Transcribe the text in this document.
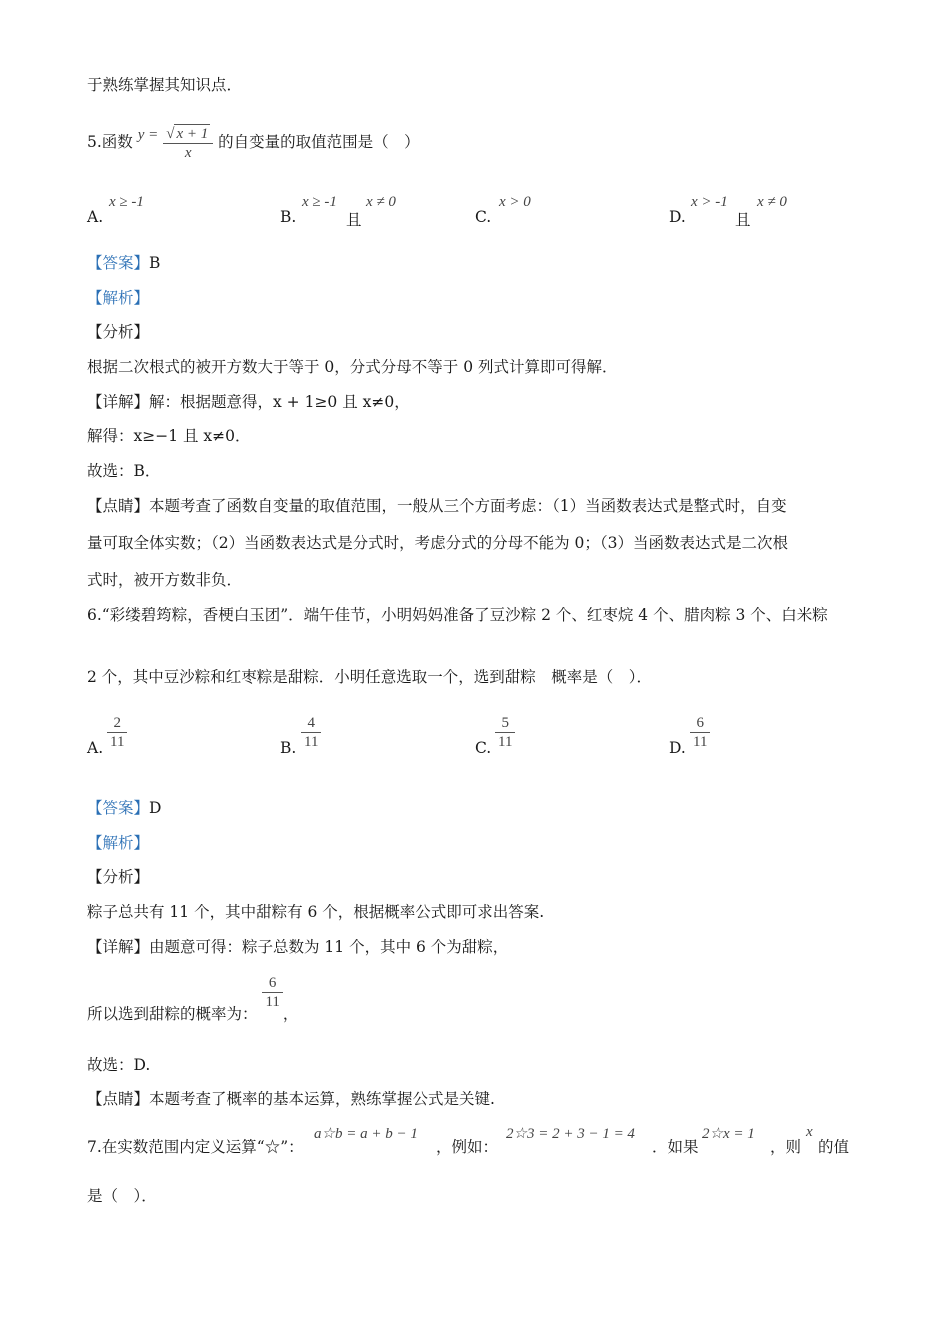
于熟练掌握其知识点．
5.函数 $y = \frac{√ x + 1}{x}$ 的自变量的取值范围是（　）
A.
x ≥ -1
B.
x ≥ -1
且
x ≠ 0
C.
x > 0
D.
x > -1
且
x ≠ 0
【答案】B
【解析】
【分析】
根据二次根式的被开方数大于等于 0，分式分母不等于 0 列式计算即可得解．
【详解】解：根据题意得，x + 1≥0 且 x≠0，
解得：x≥−1 且 x≠0．
故选：B．
【点睛】本题考查了函数自变量的取值范围，一般从三个方面考虑：（1）当函数表达式是整式时，自变
量可取全体实数；（2）当函数表达式是分式时，考虑分式的分母不能为 0；（3）当函数表达式是二次根
式时，被开方数非负．
6.“彩缕碧筠粽，香梗白玉团”．端午佳节，小明妈妈准备了豆沙粽 2 个、红枣烷 4 个、腊肉粽 3 个、白米粽
2 个，其中豆沙粽和红枣粽是甜粽．小明任意选取一个，选到甜粽　概率是（　）．
A.
2
11	B.
4
11	C.
5
11	D.
6
11
【答案】D
【解析】
【分析】
粽子总共有 11 个，其中甜粽有 6 个，根据概率公式即可求出答案.
【详解】由题意可得：粽子总数为 11 个，其中 6 个为甜粽，
所以选到甜粽的概率为：
$\frac{6}{11}$
，
故选：D.
【点睛】本题考查了概率的基本运算，熟练掌握公式是关键.
7.在实数范围内定义运算“☆”：
a☆b = a + b − 1
，例如：
2☆3 = 2 + 3 − 1 = 4
．如果
2☆x = 1
，则
x
的值
是（　）．
